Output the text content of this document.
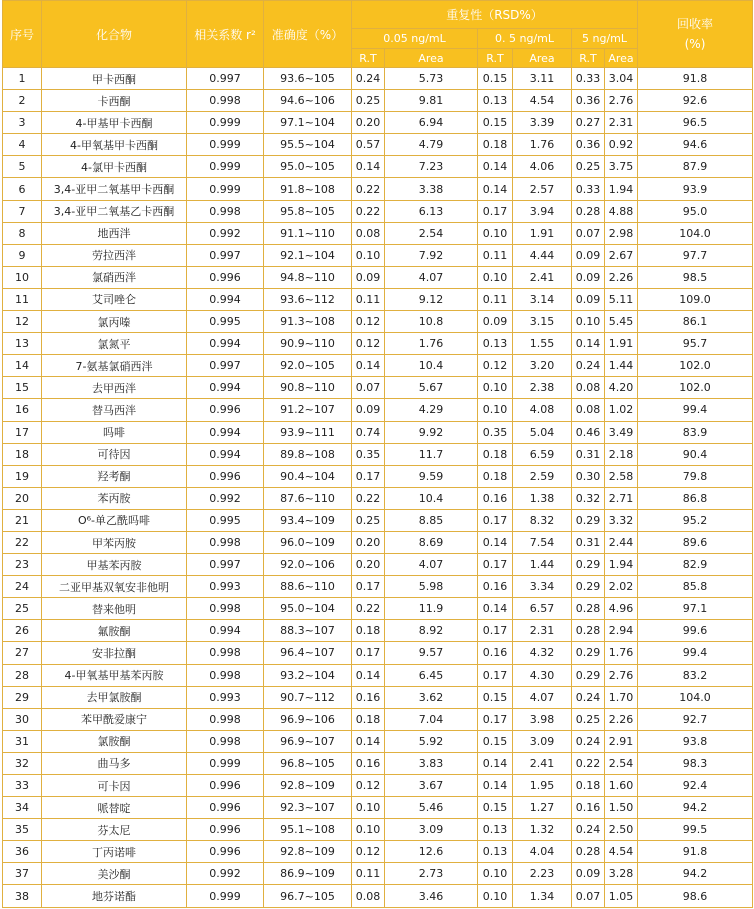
序号	化合物	相关系数 r²	准确度（%）	重复性（RSD%）						回收率
(%)
				0.05 ng/mL		0. 5 ng/mL		5 ng/mL		
				R.T	Area	R.T	Area	R.T	Area	
1	甲卡西酮	0.997	93.6~105	0.24	5.73	0.15	3.11	0.33	3.04	91.8
2	卡西酮	0.998	94.6~106	0.25	9.81	0.13	4.54	0.36	2.76	92.6
3	4-甲基甲卡西酮	0.999	97.1~104	0.20	6.94	0.15	3.39	0.27	2.31	96.5
4	4-甲氧基甲卡西酮	0.999	95.5~104	0.57	4.79	0.18	1.76	0.36	0.92	94.6
5	4-氯甲卡西酮	0.999	95.0~105	0.14	7.23	0.14	4.06	0.25	3.75	87.9
6	3,4-亚甲二氧基甲卡西酮	0.999	91.8~108	0.22	3.38	0.14	2.57	0.33	1.94	93.9
7	3,4-亚甲二氧基乙卡西酮	0.998	95.8~105	0.22	6.13	0.17	3.94	0.28	4.88	95.0
8	地西泮	0.992	91.1~110	0.08	2.54	0.10	1.91	0.07	2.98	104.0
9	劳拉西泮	0.997	92.1~104	0.10	7.92	0.11	4.44	0.09	2.67	97.7
10	氯硝西泮	0.996	94.8~110	0.09	4.07	0.10	2.41	0.09	2.26	98.5
11	艾司唑仑	0.994	93.6~112	0.11	9.12	0.11	3.14	0.09	5.11	109.0
12	氯丙嗪	0.995	91.3~108	0.12	10.8	0.09	3.15	0.10	5.45	86.1
13	氯氮平	0.994	90.9~110	0.12	1.76	0.13	1.55	0.14	1.91	95.7
14	7-氨基氯硝西泮	0.997	92.0~105	0.14	10.4	0.12	3.20	0.24	1.44	102.0
15	去甲西泮	0.994	90.8~110	0.07	5.67	0.10	2.38	0.08	4.20	102.0
16	替马西泮	0.996	91.2~107	0.09	4.29	0.10	4.08	0.08	1.02	99.4
17	吗啡	0.994	93.9~111	0.74	9.92	0.35	5.04	0.46	3.49	83.9
18	可待因	0.994	89.8~108	0.35	11.7	0.18	6.59	0.31	2.18	90.4
19	羟考酮	0.996	90.4~104	0.17	9.59	0.18	2.59	0.30	2.58	79.8
20	苯丙胺	0.992	87.6~110	0.22	10.4	0.16	1.38	0.32	2.71	86.8
21	O⁶-单乙酰吗啡	0.995	93.4~109	0.25	8.85	0.17	8.32	0.29	3.32	95.2
22	甲苯丙胺	0.998	96.0~109	0.20	8.69	0.14	7.54	0.31	2.44	89.6
23	甲基苯丙胺	0.997	92.0~106	0.20	4.07	0.17	1.44	0.29	1.94	82.9
24	二亚甲基双氧安非他明	0.993	88.6~110	0.17	5.98	0.16	3.34	0.29	2.02	85.8
25	替来他明	0.998	95.0~104	0.22	11.9	0.14	6.57	0.28	4.96	97.1
26	氟胺酮	0.994	88.3~107	0.18	8.92	0.17	2.31	0.28	2.94	99.6
27	安非拉酮	0.998	96.4~107	0.17	9.57	0.16	4.32	0.29	1.76	99.4
28	4-甲氧基甲基苯丙胺	0.998	93.2~104	0.14	6.45	0.17	4.30	0.29	2.76	83.2
29	去甲氯胺酮	0.993	90.7~112	0.16	3.62	0.15	4.07	0.24	1.70	104.0
30	苯甲酰爱康宁	0.998	96.9~106	0.18	7.04	0.17	3.98	0.25	2.26	92.7
31	氯胺酮	0.998	96.9~107	0.14	5.92	0.15	3.09	0.24	2.91	93.8
32	曲马多	0.999	96.8~105	0.16	3.83	0.14	2.41	0.22	2.54	98.3
33	可卡因	0.996	92.8~109	0.12	3.67	0.14	1.95	0.18	1.60	92.4
34	哌替啶	0.996	92.3~107	0.10	5.46	0.15	1.27	0.16	1.50	94.2
35	芬太尼	0.996	95.1~108	0.10	3.09	0.13	1.32	0.24	2.50	99.5
36	丁丙诺啡	0.996	92.8~109	0.12	12.6	0.13	4.04	0.28	4.54	91.8
37	美沙酮	0.992	86.9~109	0.11	2.73	0.10	2.23	0.09	3.28	94.2
38	地芬诺酯	0.999	96.7~105	0.08	3.46	0.10	1.34	0.07	1.05	98.6
